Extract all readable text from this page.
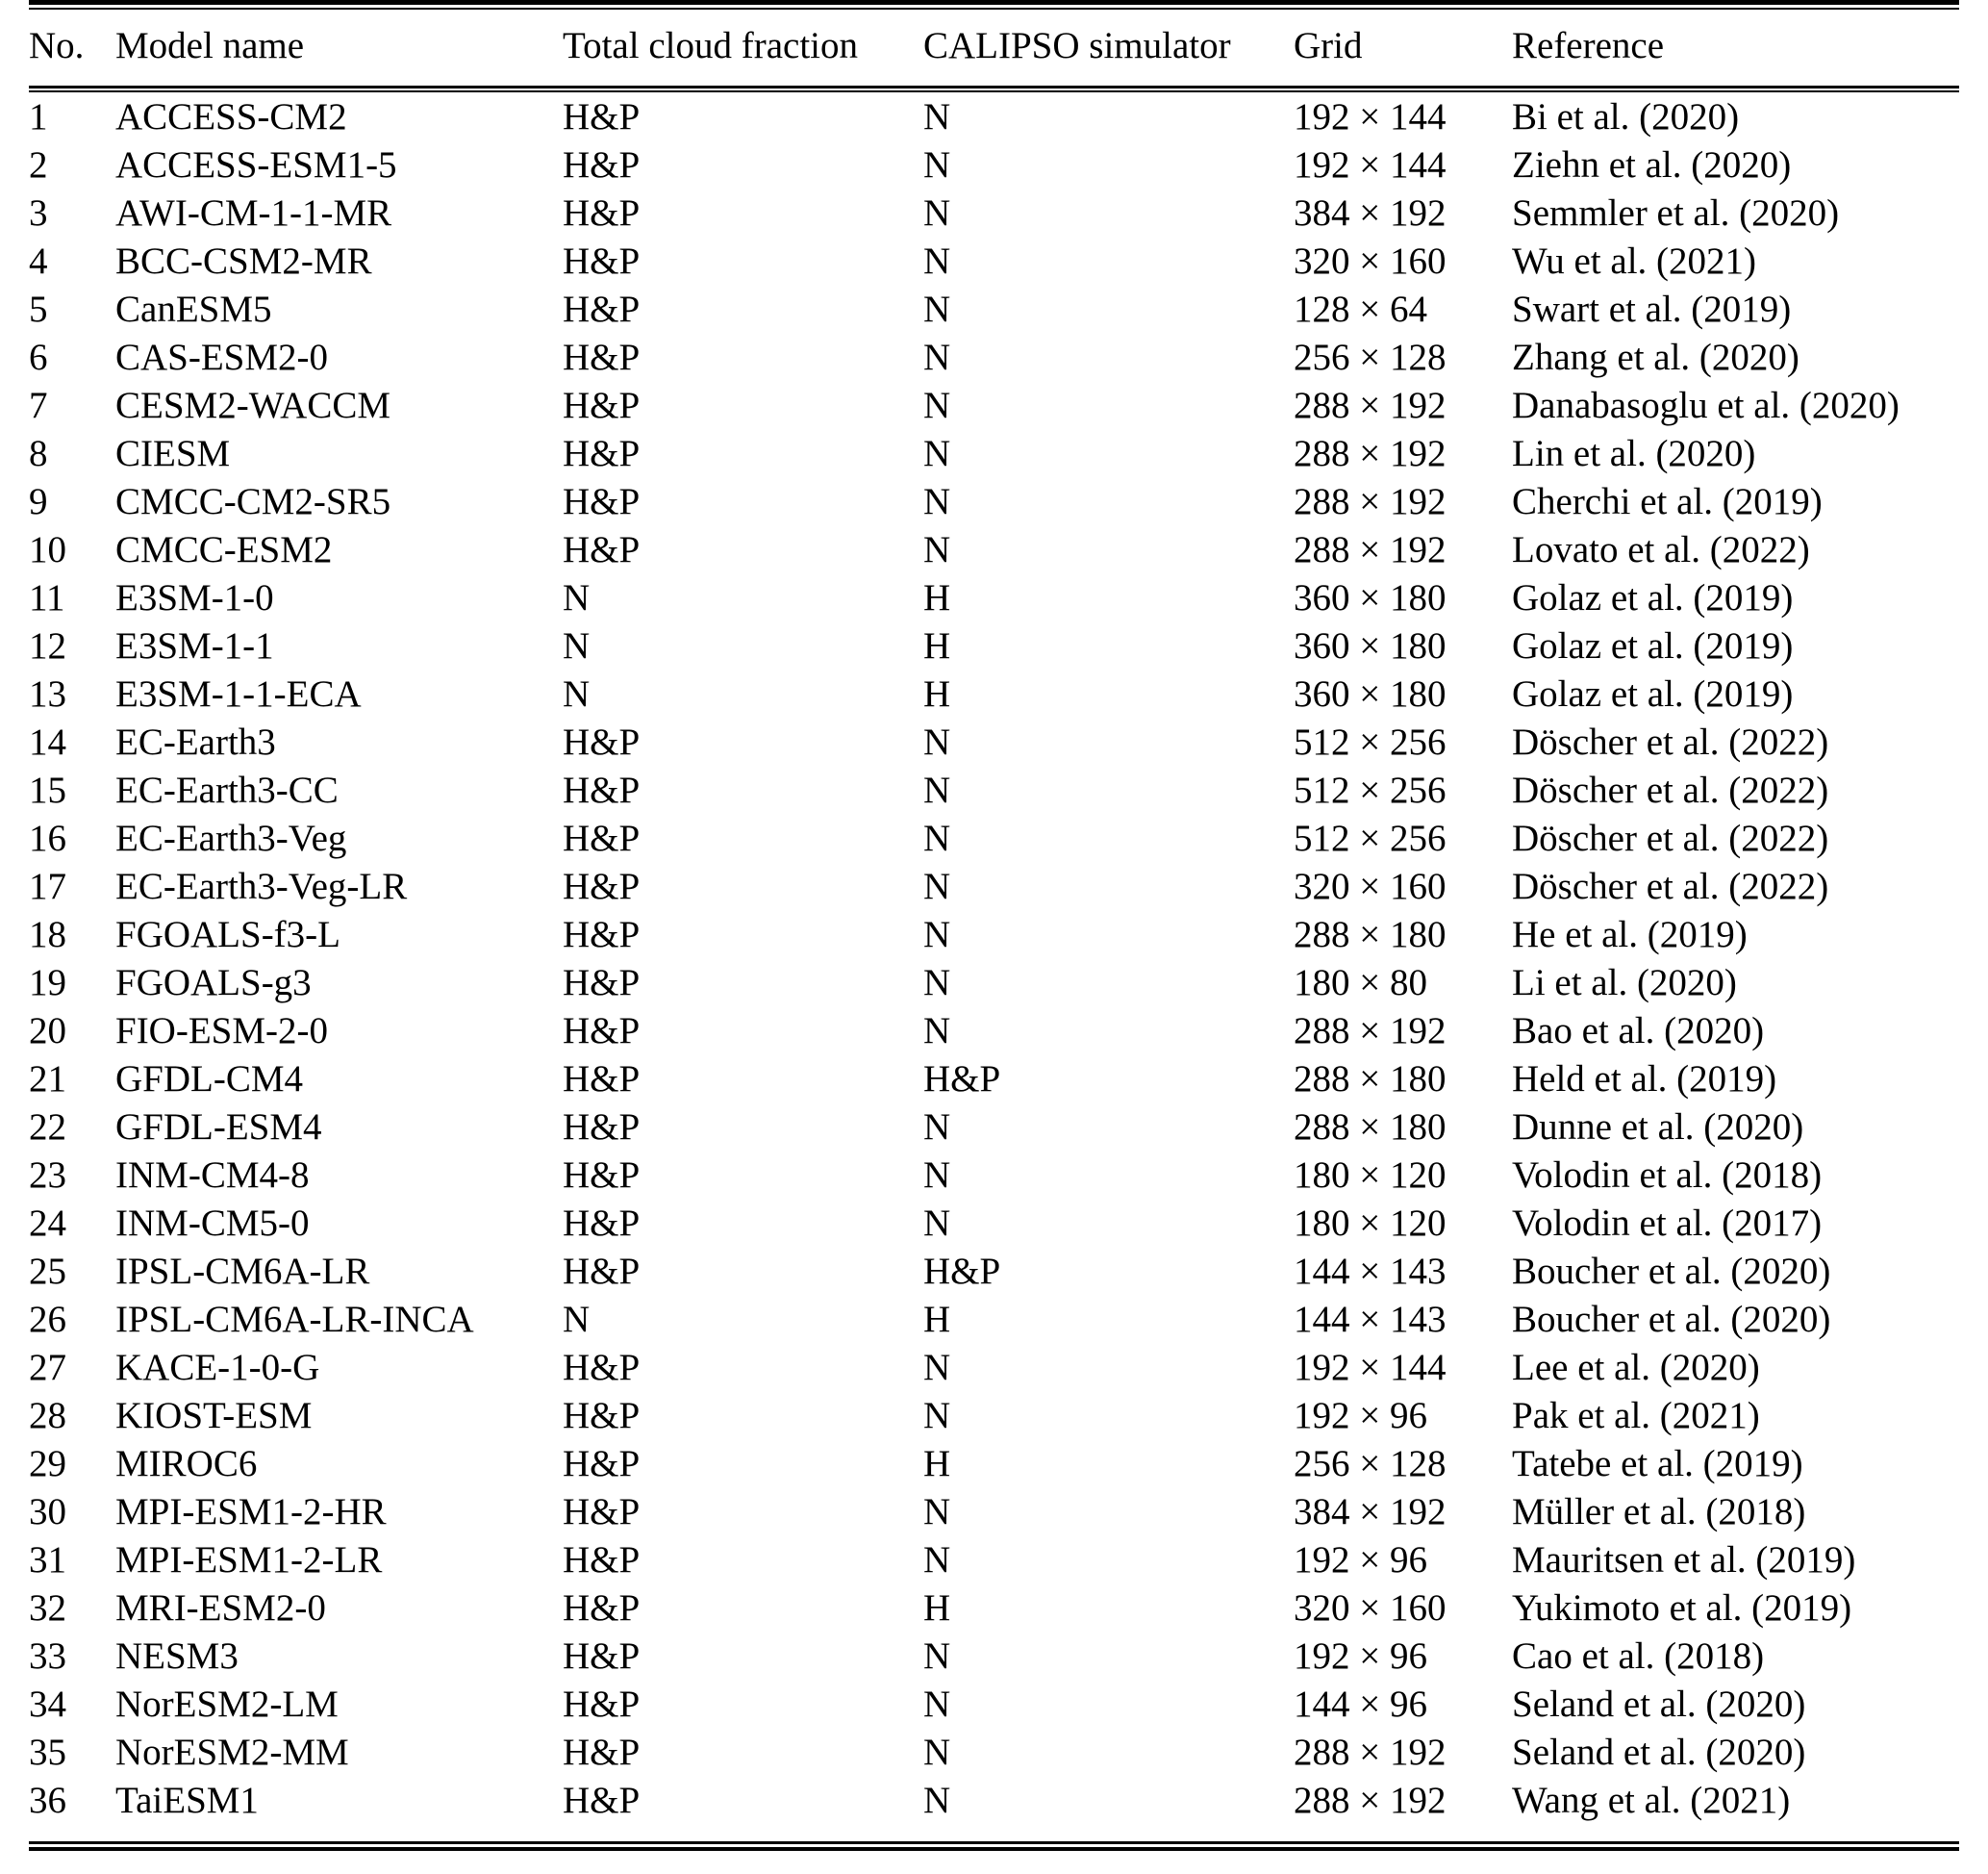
No.	Model name	Total cloud fraction	CALIPSO simulator	Grid	Reference

1	ACCESS-CM2	H&P	N	192 × 144	Bi et al. (2020)
2	ACCESS-ESM1-5	H&P	N	192 × 144	Ziehn et al. (2020)
3	AWI-CM-1-1-MR	H&P	N	384 × 192	Semmler et al. (2020)
4	BCC-CSM2-MR	H&P	N	320 × 160	Wu et al. (2021)
5	CanESM5	H&P	N	128 × 64	Swart et al. (2019)
6	CAS-ESM2-0	H&P	N	256 × 128	Zhang et al. (2020)
7	CESM2-WACCM	H&P	N	288 × 192	Danabasoglu et al. (2020)
8	CIESM	H&P	N	288 × 192	Lin et al. (2020)
9	CMCC-CM2-SR5	H&P	N	288 × 192	Cherchi et al. (2019)
10	CMCC-ESM2	H&P	N	288 × 192	Lovato et al. (2022)
11	E3SM-1-0	N	H	360 × 180	Golaz et al. (2019)
12	E3SM-1-1	N	H	360 × 180	Golaz et al. (2019)
13	E3SM-1-1-ECA	N	H	360 × 180	Golaz et al. (2019)
14	EC-Earth3	H&P	N	512 × 256	Döscher et al. (2022)
15	EC-Earth3-CC	H&P	N	512 × 256	Döscher et al. (2022)
16	EC-Earth3-Veg	H&P	N	512 × 256	Döscher et al. (2022)
17	EC-Earth3-Veg-LR	H&P	N	320 × 160	Döscher et al. (2022)
18	FGOALS-f3-L	H&P	N	288 × 180	He et al. (2019)
19	FGOALS-g3	H&P	N	180 × 80	Li et al. (2020)
20	FIO-ESM-2-0	H&P	N	288 × 192	Bao et al. (2020)
21	GFDL-CM4	H&P	H&P	288 × 180	Held et al. (2019)
22	GFDL-ESM4	H&P	N	288 × 180	Dunne et al. (2020)
23	INM-CM4-8	H&P	N	180 × 120	Volodin et al. (2018)
24	INM-CM5-0	H&P	N	180 × 120	Volodin et al. (2017)
25	IPSL-CM6A-LR	H&P	H&P	144 × 143	Boucher et al. (2020)
26	IPSL-CM6A-LR-INCA	N	H	144 × 143	Boucher et al. (2020)
27	KACE-1-0-G	H&P	N	192 × 144	Lee et al. (2020)
28	KIOST-ESM	H&P	N	192 × 96	Pak et al. (2021)
29	MIROC6	H&P	H	256 × 128	Tatebe et al. (2019)
30	MPI-ESM1-2-HR	H&P	N	384 × 192	Müller et al. (2018)
31	MPI-ESM1-2-LR	H&P	N	192 × 96	Mauritsen et al. (2019)
32	MRI-ESM2-0	H&P	H	320 × 160	Yukimoto et al. (2019)
33	NESM3	H&P	N	192 × 96	Cao et al. (2018)
34	NorESM2-LM	H&P	N	144 × 96	Seland et al. (2020)
35	NorESM2-MM	H&P	N	288 × 192	Seland et al. (2020)
36	TaiESM1	H&P	N	288 × 192	Wang et al. (2021)
